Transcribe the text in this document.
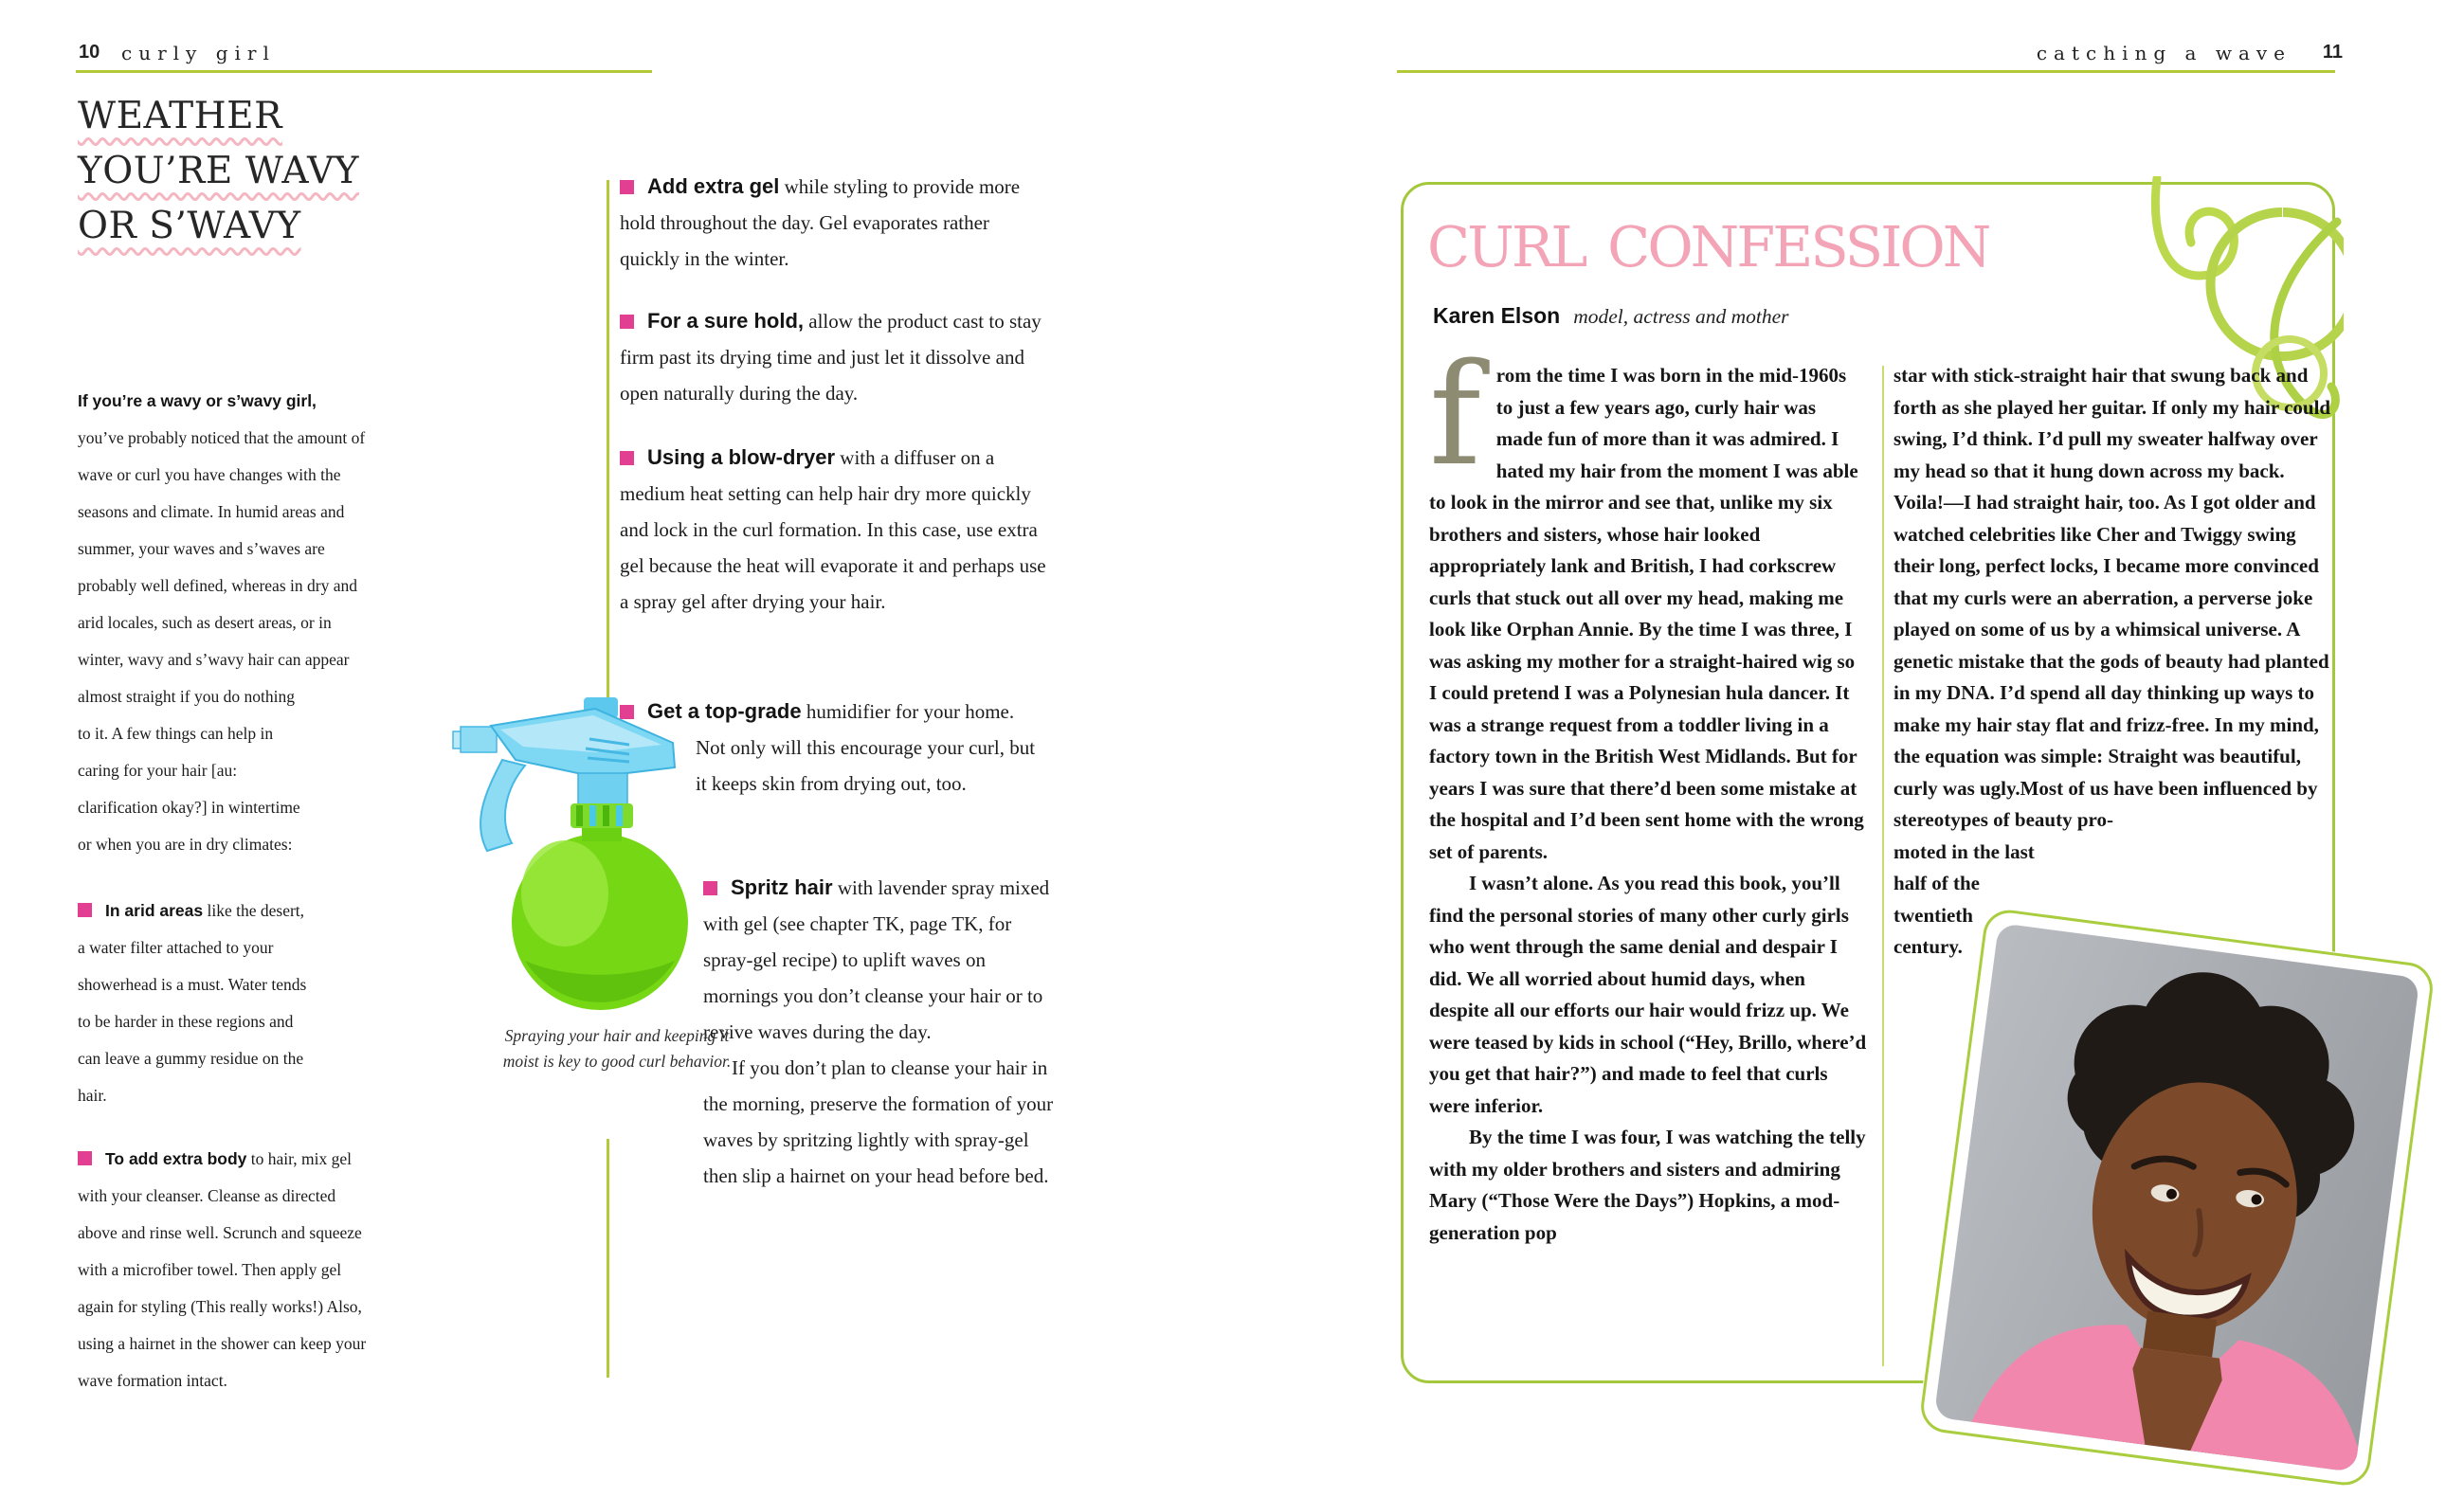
10 curly girl
WEATHER
YOU’RE WAVY
OR S’WAVY
If you’re a wavy or s’wavy girl, you’ve probably noticed that the amount of wave or curl you have changes with the seasons and climate. In humid areas and summer, your waves and s’waves are probably well defined, whereas in dry and arid locales, such as desert areas, or in winter, wavy and s’wavy hair can appear
almost straight if you do nothing to it. A few things can help in caring for your hair [au: clarification okay?] in wintertime or when you are in dry climates:
In arid areas like the desert, a water filter attached to your showerhead is a must. Water tends to be harder in these regions and can leave a gummy residue on the hair.
To add extra body to hair, mix gel with your cleanser. Cleanse as directed above and rinse well. Scrunch and squeeze with a microfiber towel. Then apply gel again for styling (This really works!) Also, using a hairnet in the shower can keep your wave formation intact.
Add extra gel while styling to provide more hold throughout the day. Gel evaporates rather quickly in the winter.
For a sure hold, allow the product cast to stay firm past its drying time and just let it dissolve and open naturally during the day.
Using a blow-dryer with a diffuser on a medium heat setting can help hair dry more quickly and lock in the curl formation. In this case, use extra gel because the heat will evaporate it and perhaps use a spray gel after drying your hair.
Get a top-grade humidifier for your home. Not only will this encourage your curl, but it keeps skin from drying out, too.

Spritz hair with lavender spray mixed with gel (see chapter TK, page TK, for spray-gel recipe) to uplift waves on mornings you don’t cleanse your hair or to revive waves during the day.

If you don’t plan to cleanse your hair in the morning, preserve the formation of your waves by spritzing lightly with spray-gel then slip a hairnet on your head before bed.

Spraying your hair and keeping it moist is key to good curl behavior.
catching a wave 11
curl confession
Karen Elson model, actress and mother

from the time I was born in the mid-1960s to just a few years ago, curly hair was made fun of more than it was admired. I hated my hair from the moment I was able to look in the mirror and see that, unlike my six brothers and sisters, whose hair looked appropriately lank and British, I had corkscrew curls that stuck out all over my head, making me look like Orphan Annie. By the time I was three, I was asking my mother for a straight-haired wig so I could pretend I was a Polynesian hula dancer. It was a strange request from a toddler living in a factory town in the British West Midlands. But for years I was sure that there’d been some mistake at the hospital and I’d been sent home with the wrong set of parents.

I wasn’t alone. As you read this book, you’ll find the personal stories of many other curly girls who went through the same denial and despair I did. We all worried about humid days, when despite all our efforts our hair would frizz up. We were teased by kids in school (“Hey, Brillo, where’d you get that hair?”) and made to feel that curls were inferior.

By the time I was four, I was watching the telly with my older brothers and sisters and admiring Mary (“Those Were the Days”) Hopkins, a mod-generation pop

star with stick-straight hair that swung back and forth as she played her guitar. If only my hair could swing, I’d think. I’d pull my sweater halfway over my head so that it hung down across my back. Voila!—I had straight hair, too. As I got older and watched celebrities like Cher and Twiggy swing their long, perfect locks, I became more convinced that my curls were an aberration, a perverse joke played on some of us by a whimsical universe. A genetic mistake that the gods of beauty had planted in my DNA. I’d spend all day thinking up ways to make my hair stay flat and frizz-free. In my mind, the equation was simple: Straight was beautiful, curly was ugly.Most of us have been influenced by stereotypes of beauty pro-

moted in the last half of the twentieth century.
